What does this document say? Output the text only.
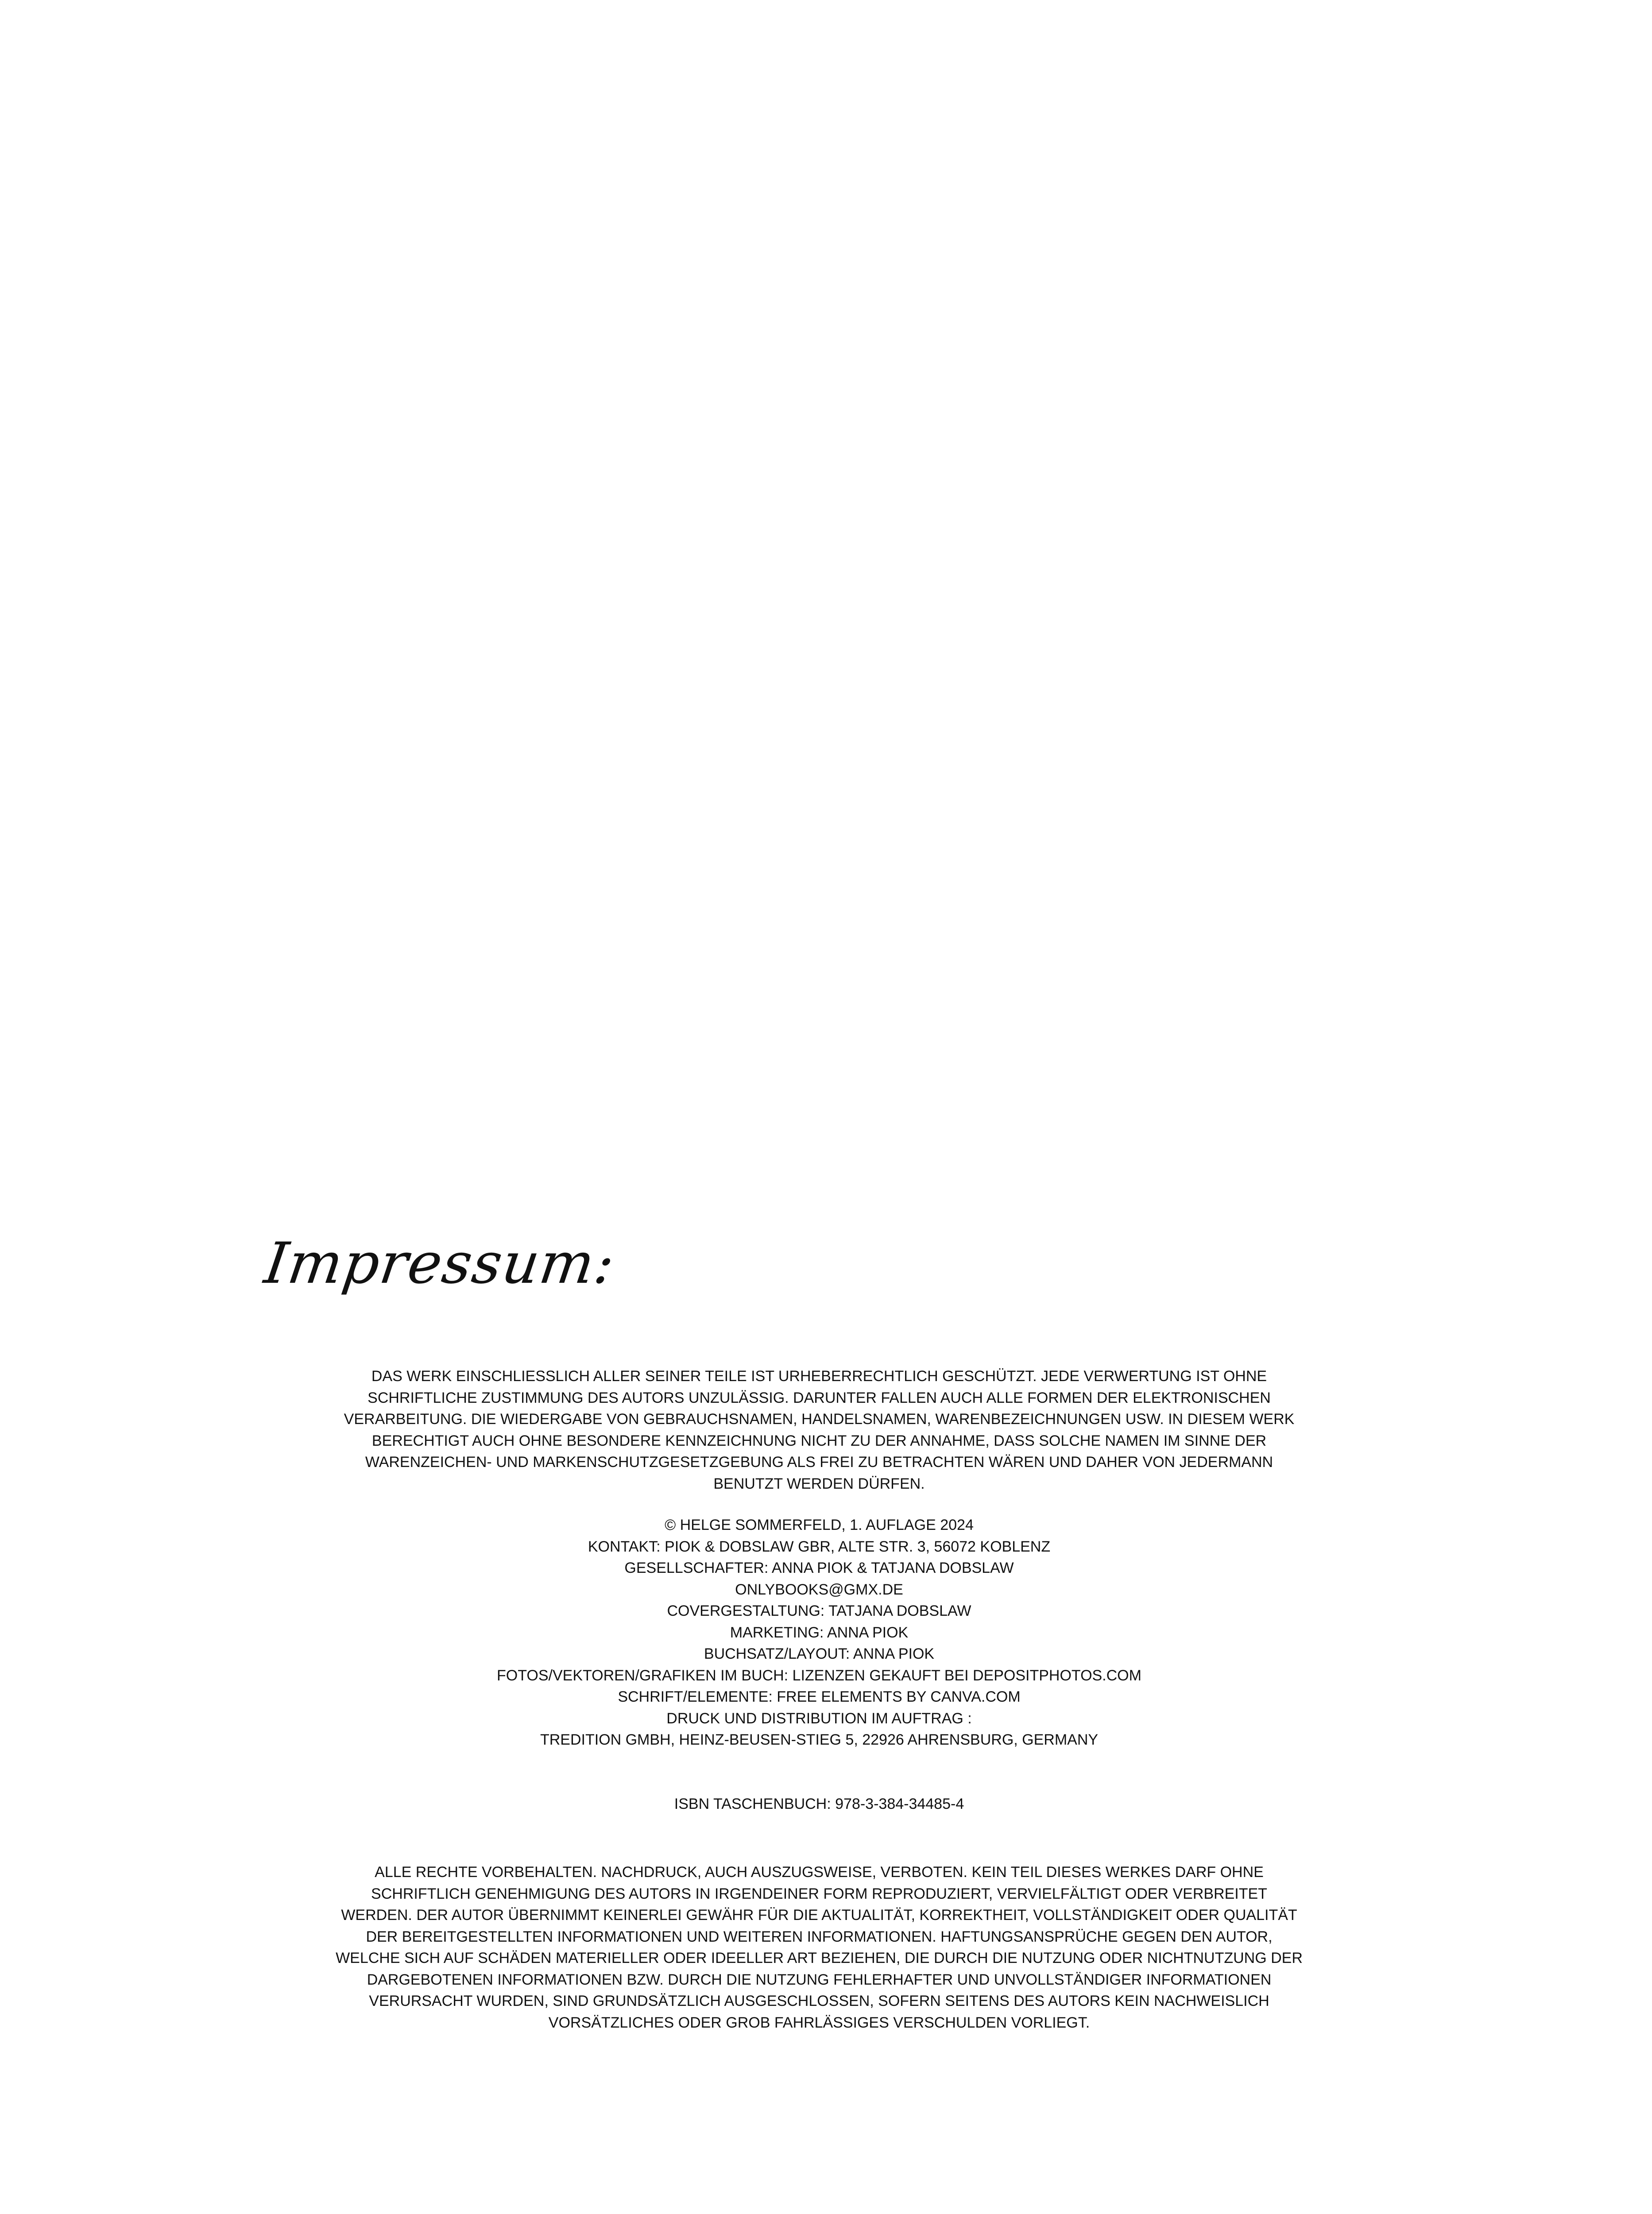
Impressum:

DAS WERK EINSCHLIESSLICH ALLER SEINER TEILE IST URHEBERRECHTLICH GESCHÜTZT. JEDE VERWERTUNG IST OHNE

SCHRIFTLICHE ZUSTIMMUNG DES AUTORS UNZULÄSSIG. DARUNTER FALLEN AUCH ALLE FORMEN DER ELEKTRONISCHEN

VERARBEITUNG. DIE WIEDERGABE VON GEBRAUCHSNAMEN, HANDELSNAMEN, WARENBEZEICHNUNGEN USW. IN DIESEM WERK

BERECHTIGT AUCH OHNE BESONDERE KENNZEICHNUNG NICHT ZU DER ANNAHME, DASS SOLCHE NAMEN IM SINNE DER

WARENZEICHEN- UND MARKENSCHUTZGESETZGEBUNG ALS FREI ZU BETRACHTEN WÄREN UND DAHER VON JEDERMANN

BENUTZT WERDEN DÜRFEN.

© HELGE SOMMERFELD, 1. AUFLAGE 2024

KONTAKT: PIOK & DOBSLAW GBR, ALTE STR. 3, 56072 KOBLENZ

GESELLSCHAFTER: ANNA PIOK & TATJANA DOBSLAW

ONLYBOOKS@GMX.DE

COVERGESTALTUNG: TATJANA DOBSLAW

MARKETING: ANNA PIOK

BUCHSATZ/LAYOUT: ANNA PIOK

FOTOS/VEKTOREN/GRAFIKEN IM BUCH: LIZENZEN GEKAUFT BEI DEPOSITPHOTOS.COM

SCHRIFT/ELEMENTE: FREE ELEMENTS BY CANVA.COM

DRUCK UND DISTRIBUTION IM AUFTRAG :

TREDITION GMBH, HEINZ-BEUSEN-STIEG 5, 22926 AHRENSBURG, GERMANY

ISBN TASCHENBUCH: 978-3-384-34485-4

ALLE RECHTE VORBEHALTEN. NACHDRUCK, AUCH AUSZUGSWEISE, VERBOTEN. KEIN TEIL DIESES WERKES DARF OHNE

SCHRIFTLICH GENEHMIGUNG DES AUTORS IN IRGENDEINER FORM REPRODUZIERT, VERVIELFÄLTIGT ODER VERBREITET

WERDEN. DER AUTOR ÜBERNIMMT KEINERLEI GEWÄHR FÜR DIE AKTUALITÄT, KORREKTHEIT, VOLLSTÄNDIGKEIT ODER QUALITÄT

DER BEREITGESTELLTEN INFORMATIONEN UND WEITEREN INFORMATIONEN. HAFTUNGSANSPRÜCHE GEGEN DEN AUTOR,

WELCHE SICH AUF SCHÄDEN MATERIELLER ODER IDEELLER ART BEZIEHEN, DIE DURCH DIE NUTZUNG ODER NICHTNUTZUNG DER

DARGEBOTENEN INFORMATIONEN BZW. DURCH DIE NUTZUNG FEHLERHAFTER UND UNVOLLSTÄNDIGER INFORMATIONEN

VERURSACHT WURDEN, SIND GRUNDSÄTZLICH AUSGESCHLOSSEN, SOFERN SEITENS DES AUTORS KEIN NACHWEISLICH

VORSÄTZLICHES ODER GROB FAHRLÄSSIGES VERSCHULDEN VORLIEGT.
